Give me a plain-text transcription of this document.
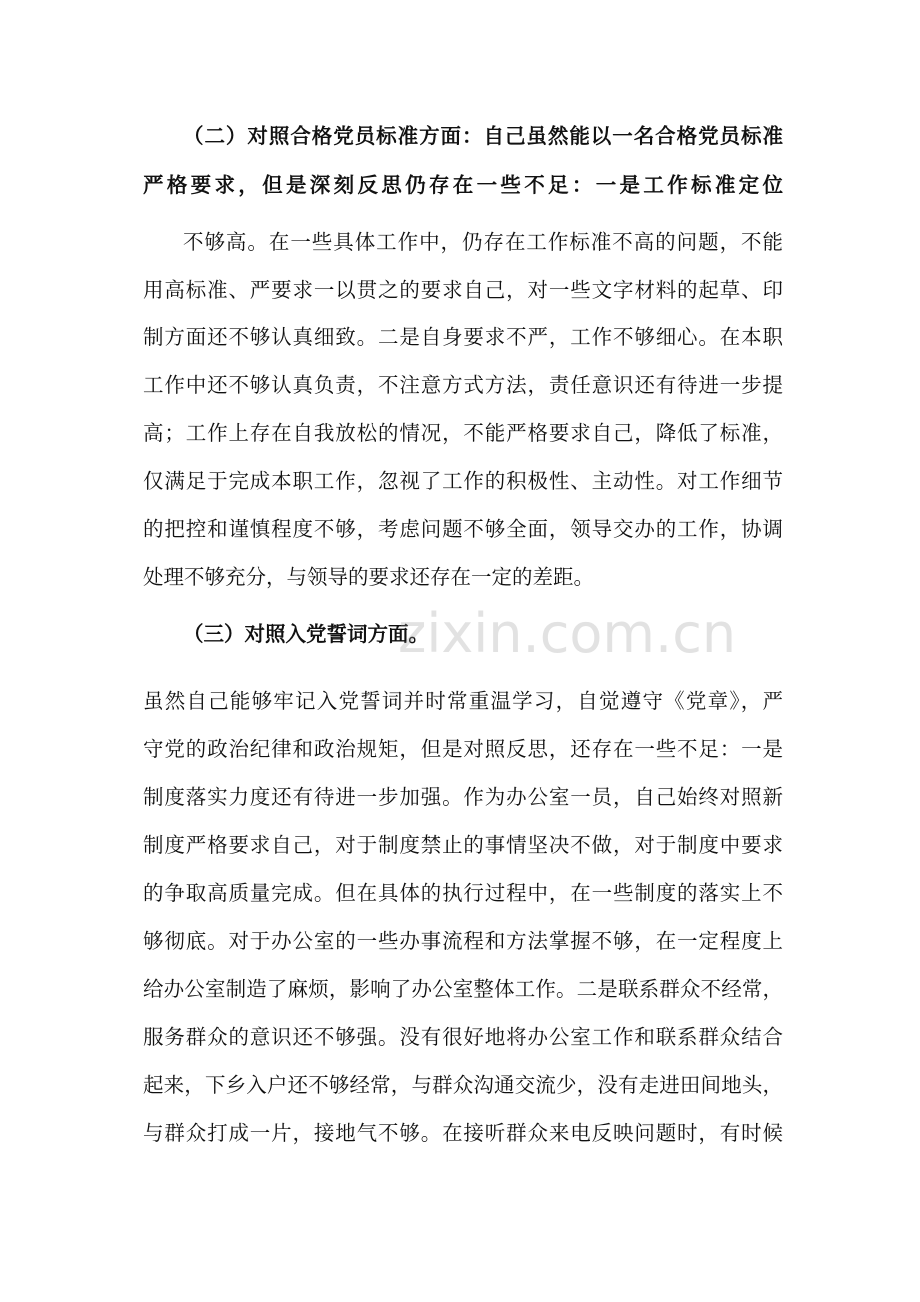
（二）对照合格党员标准方面：自己虽然能以一名合格党员标准
严格要求，但是深刻反思仍存在一些不足：一是工作标准定位
不够高。在一些具体工作中，仍存在工作标准不高的问题，不能
用高标准、严要求一以贯之的要求自己，对一些文字材料的起草、印
制方面还不够认真细致。二是自身要求不严，工作不够细心。在本职
工作中还不够认真负责，不注意方式方法，责任意识还有待进一步提
高；工作上存在自我放松的情况，不能严格要求自己，降低了标准，
仅满足于完成本职工作，忽视了工作的积极性、主动性。对工作细节
的把控和谨慎程度不够，考虑问题不够全面，领导交办的工作，协调
处理不够充分，与领导的要求还存在一定的差距。
（三）对照入党誓词方面。
虽然自己能够牢记入党誓词并时常重温学习，自觉遵守《党章》，严
守党的政治纪律和政治规矩，但是对照反思，还存在一些不足：一是
制度落实力度还有待进一步加强。作为办公室一员，自己始终对照新
制度严格要求自己，对于制度禁止的事情坚决不做，对于制度中要求
的争取高质量完成。但在具体的执行过程中，在一些制度的落实上不
够彻底。对于办公室的一些办事流程和方法掌握不够，在一定程度上
给办公室制造了麻烦，影响了办公室整体工作。二是联系群众不经常，
服务群众的意识还不够强。没有很好地将办公室工作和联系群众结合
起来，下乡入户还不够经常，与群众沟通交流少，没有走进田间地头，
与群众打成一片，接地气不够。在接听群众来电反映问题时，有时候
zixin.com.cn
